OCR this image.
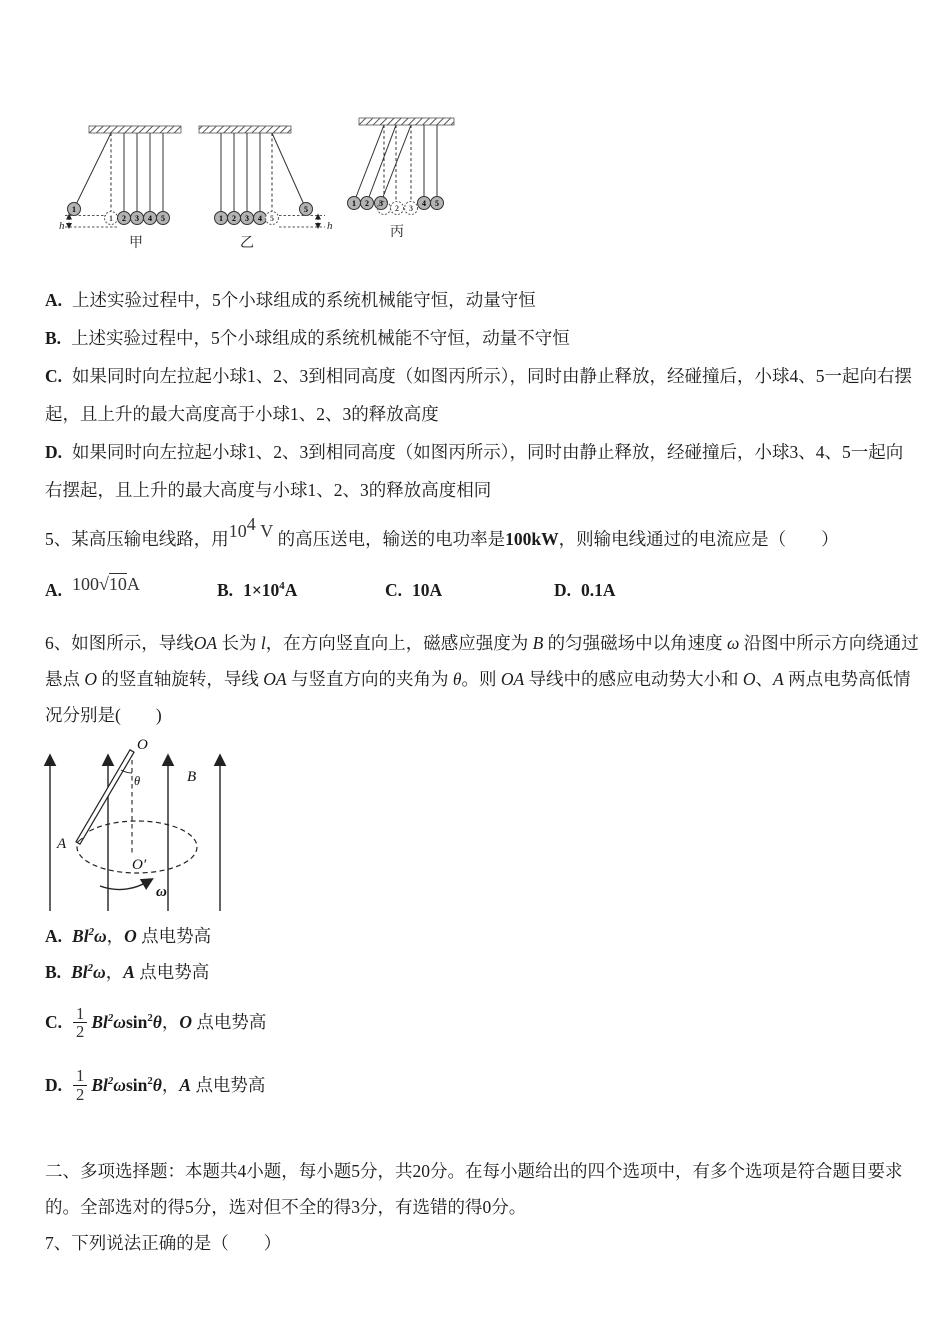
1
1 2 3 4 5
h
甲
1 2 3 4 5
5
h
乙
1 2 3
2 3
4 5
丙

A. 上述实验过程中，5个小球组成的系统机械能守恒，动量守恒

B. 上述实验过程中，5个小球组成的系统机械能不守恒，动量不守恒

C. 如果同时向左拉起小球1、2、3到相同高度（如图丙所示），同时由静止释放，经碰撞后，小球4、5一起向右摆起，且上升的最大高度高于小球1、2、3的释放高度

D. 如果同时向左拉起小球1、2、3到相同高度（如图丙所示），同时由静止释放，经碰撞后，小球3、4、5一起向右摆起，且上升的最大高度与小球1、2、3的释放高度相同

5、某高压输电线路，用104 V 的高压送电，输送的电功率是100kW，则输电线通过的电流应是（　　）

A. 100√10A	B. $1\times 10^4A$	C. 10A	D. 0.1A

6、如图所示，导线OA 长为 l，在方向竖直向上，磁感应强度为 B 的匀强磁场中以角速度 ω 沿图中所示方向绕通过悬点 O 的竖直轴旋转，导线 OA 与竖直方向的夹角为 θ。则 OA 导线中的感应电动势大小和 O、A 两点电势高低情况分别是(　　)

O
θ	B
A
O′
ω

A. Bl$^2$ω，O 点电势高

B. Bl$^2$ω，A 点电势高

C. $\frac{1}{2} Bl^2\omega\sin^2\theta$，O 点电势高

D. $\frac{1}{2} Bl^2\omega\sin^2\theta$，A 点电势高

二、多项选择题：本题共4小题，每小题5分，共20分。在每小题给出的四个选项中，有多个选项是符合题目要求的。全部选对的得5分，选对但不全的得3分，有选错的得0分。

7、下列说法正确的是（　　）
